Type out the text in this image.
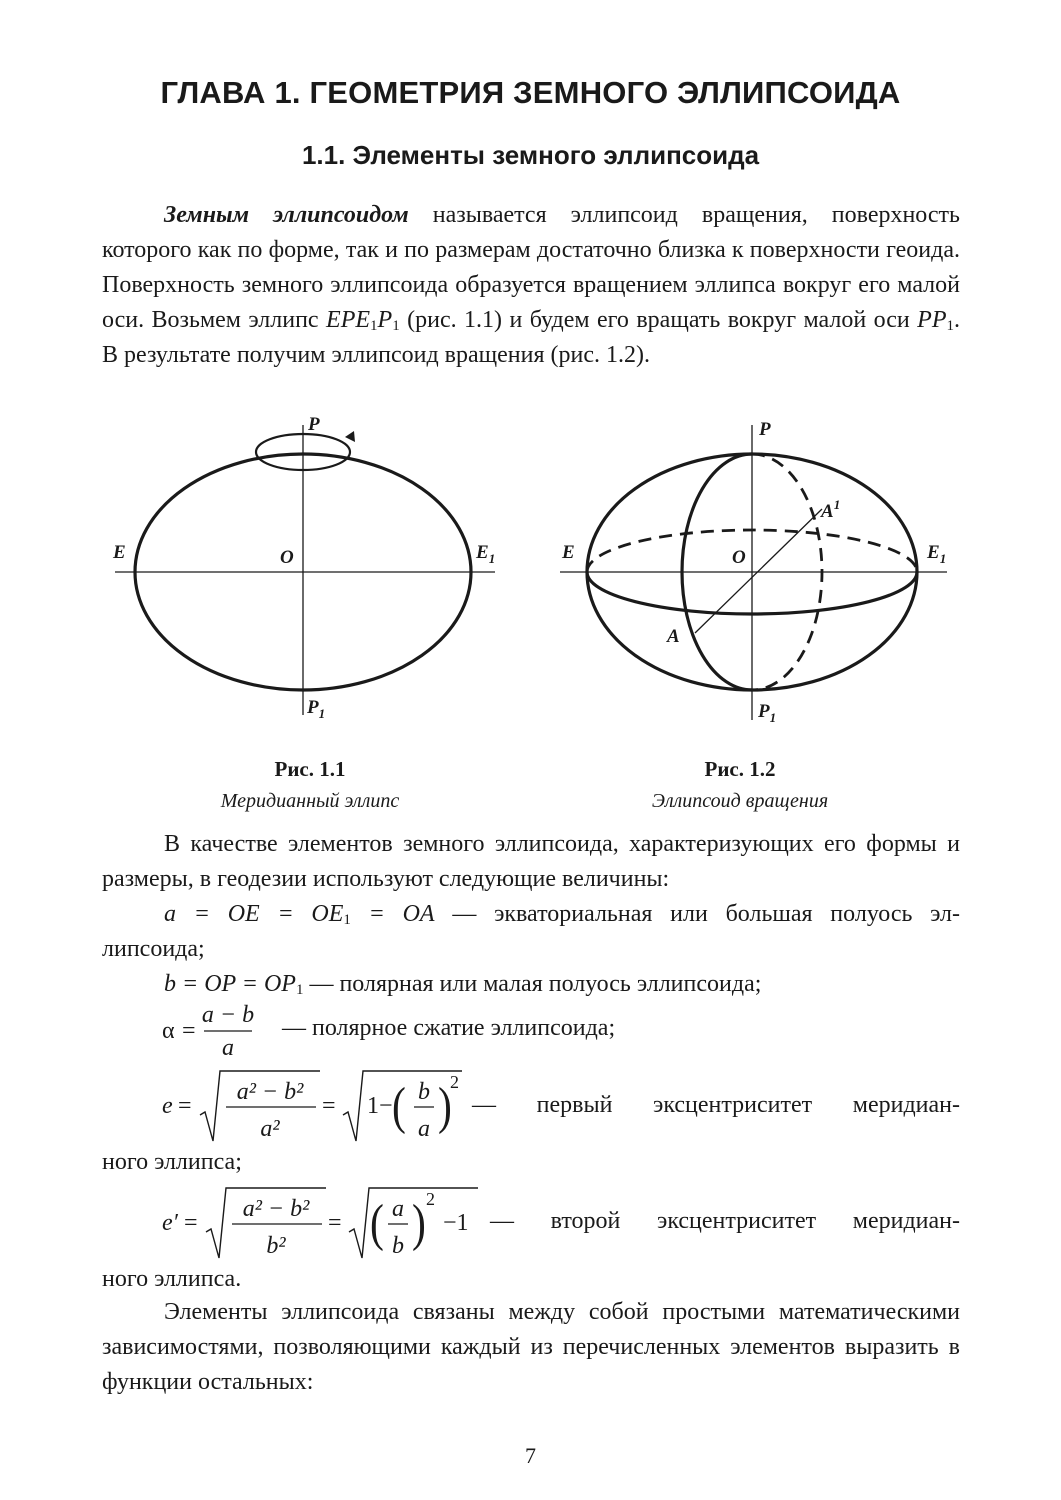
ГЛАВА 1. ГЕОМЕТРИЯ ЗЕМНОГО ЭЛЛИПСОИДА
1.1. Элементы земного эллипсоида

Земным эллипсоидом называется эллипсоид вращения, поверхность которого как по форме, так и по размерам достаточно близка к поверхности геоида. Поверхность земного эллипсоида образуется вращением эллипса вокруг его малой оси. Возьмем эллипс $EPE_1P_1$ (рис. 1.1) и будем его вращать вокруг малой оси $PP_1$. В результате получим эллипсоид вращения (рис. 1.2).

P
E	O	$E_1$
$P_1$
P
E	O	$E_1$
$P_1$
A
$A^1$
Рис. 1.1
Меридианный эллипс
Рис. 1.2
Эллипсоид вращения

В качестве элементов земного эллипсоида, характеризующих его формы и размеры, в геодезии используют следующие величины:

a = OE = $OE_1$ = OA — экваториальная или большая полуось эл-

липсоида;

b = OP = $OP_1$ — полярная или малая полуось эллипсоида;

α =
a − b
a

— полярное сжатие эллипсоида;

e =
a² − b²
a²
= 1− ( b
a )
2

— первый эксцентриситет меридиан-

ного эллипса;

e′ =
a² − b²
b²
= ( a
b ) 2
−1 — второй эксцентриситет меридиан-

ного эллипса.

Элементы эллипсоида связаны между собой простыми математическими зависимостями, позволяющими каждый из перечисленных элементов выразить в функции остальных:

7
